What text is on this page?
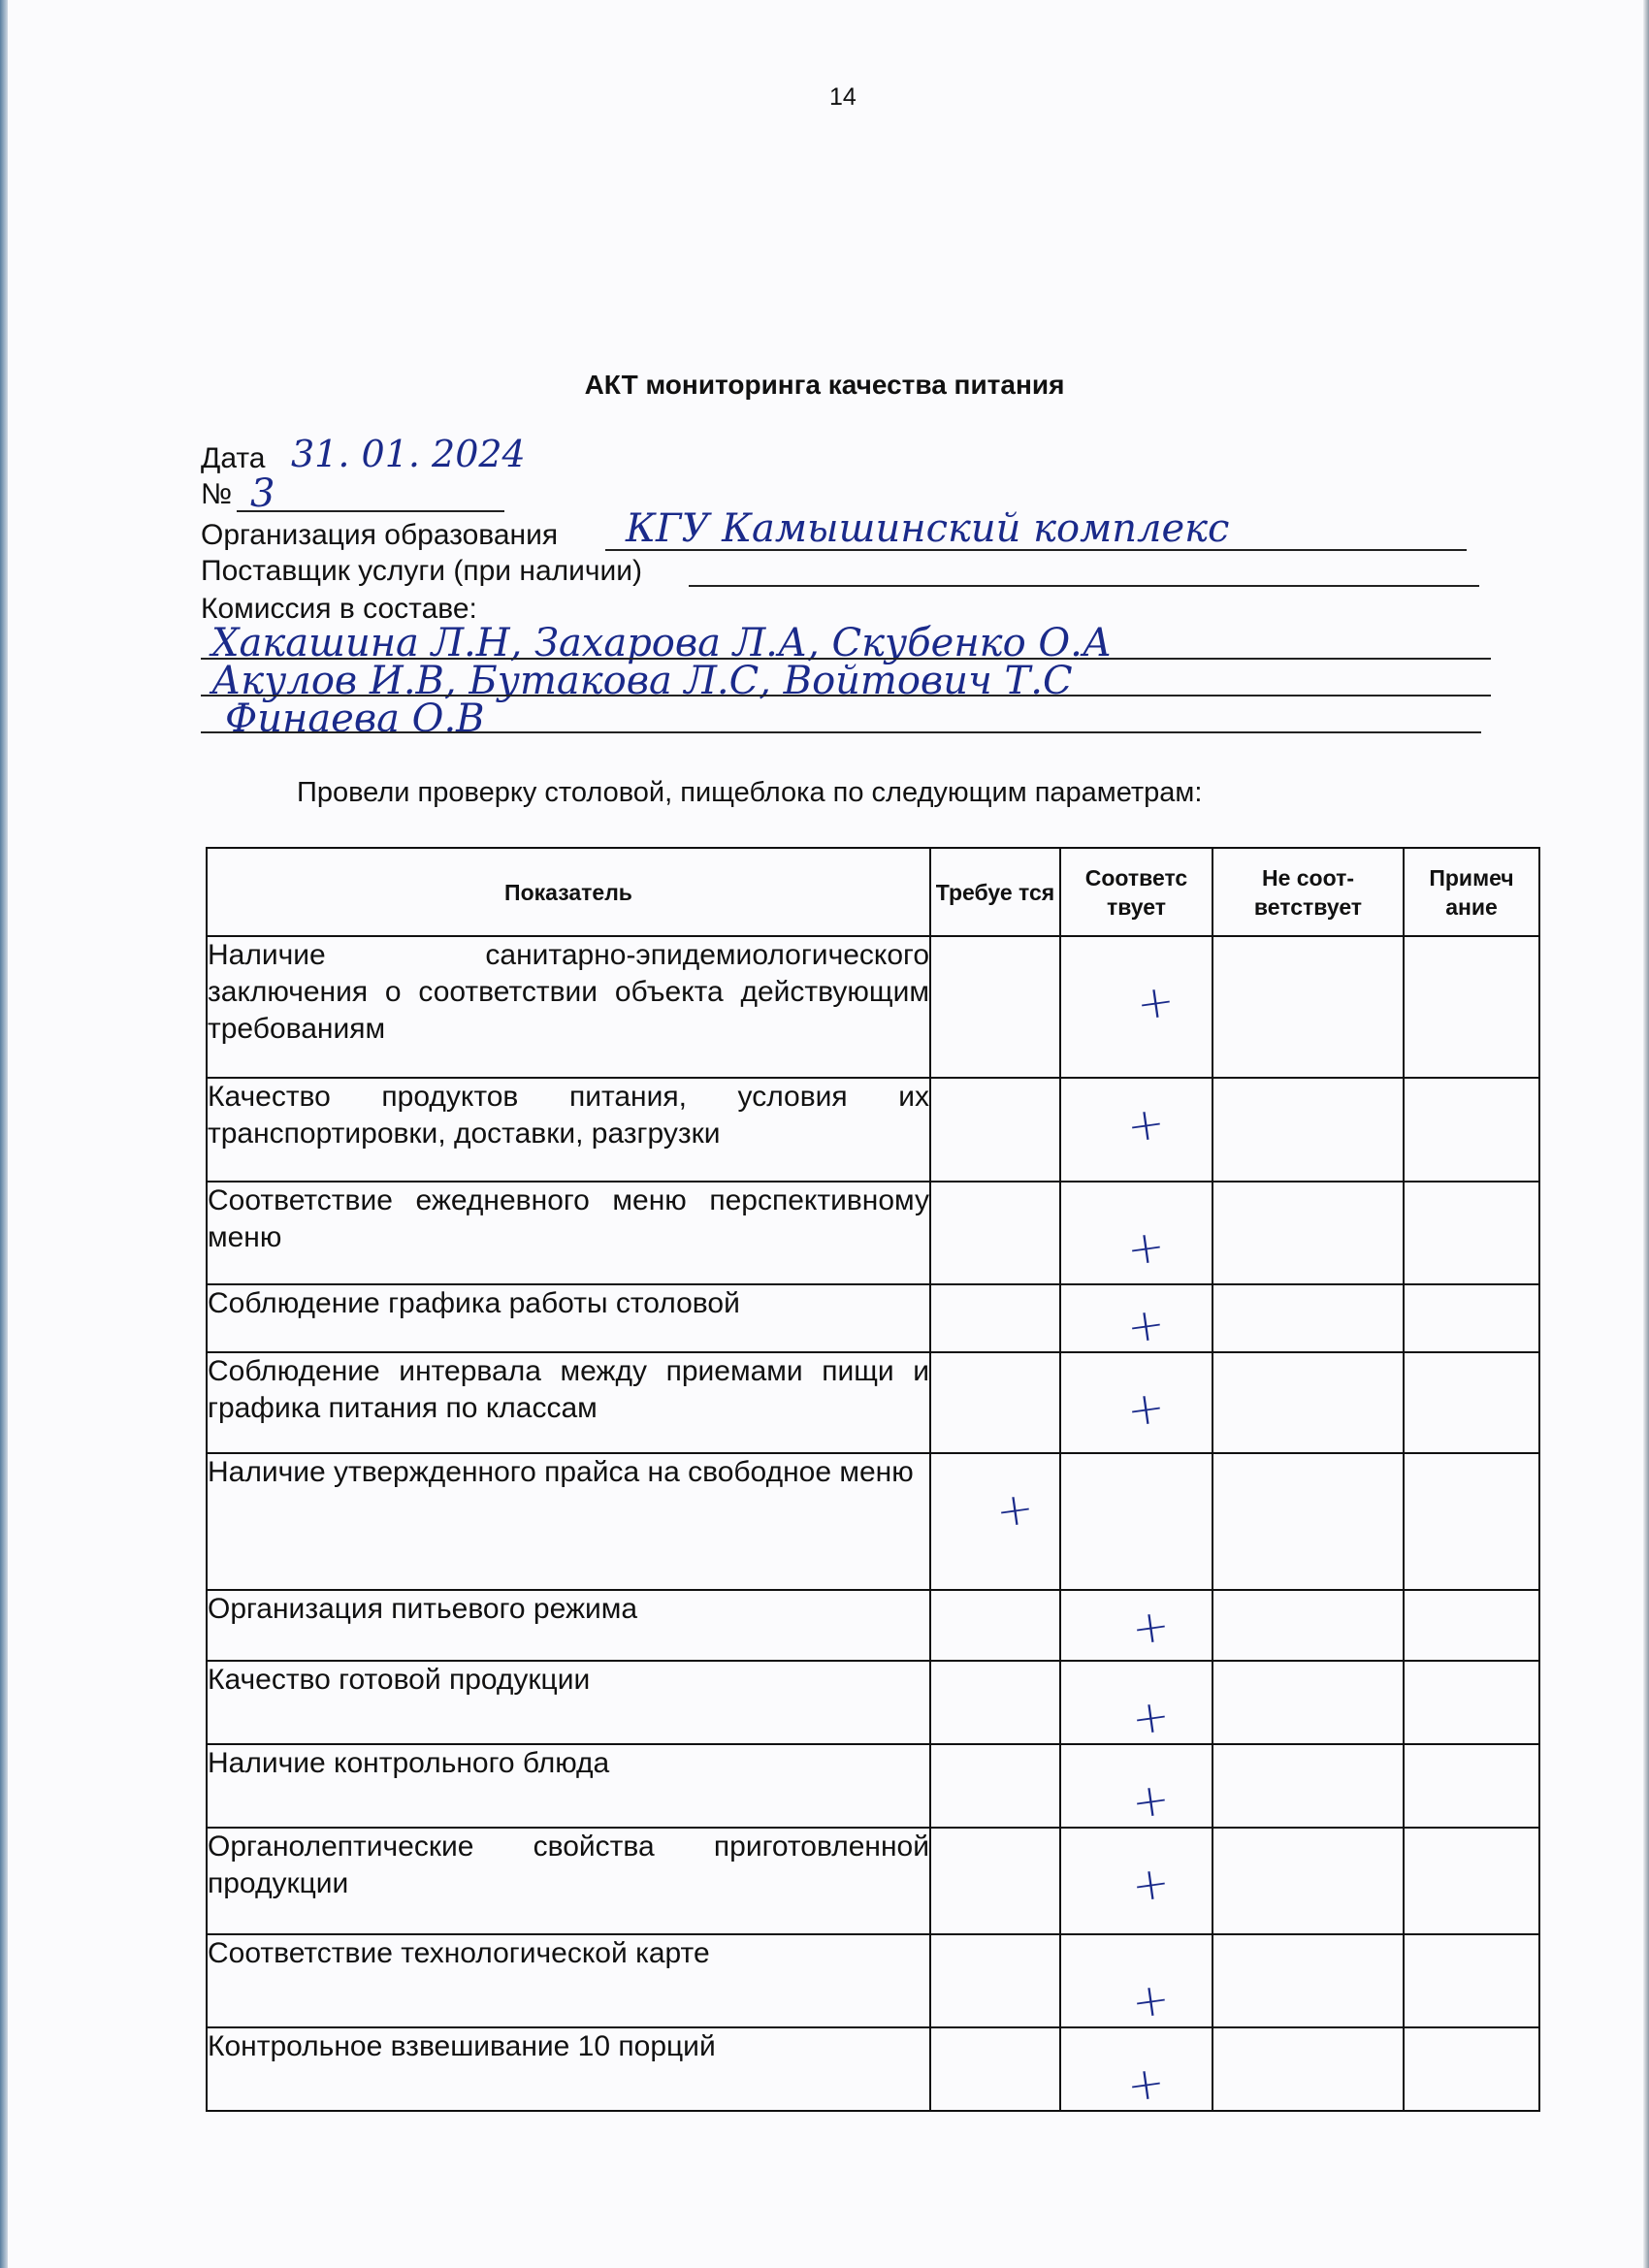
14
АКТ мониторинга качества питания
Дата 31. 01. 2024
№ 3
Организация образования КГУ Камышинский комплекс
Поставщик услуги (при наличии)
Комиссия в составе:
Хакашина Л.Н, Захарова Л.А, Скубенко О.А
Акулов И.В, Бутакова Л.С, Войтович Т.С
Финаева О.В
Провели проверку столовой, пищеблока по следующим параметрам:
Показатель	Требуе тся	Соответс твует	Не соот- ветствует	Примеч ание
Наличие санитарно-эпидемиологического заключения о соответствии объекта действующим требованиям		+		
Качество продуктов питания, условия их транспортировки, доставки, разгрузки		+		
Соответствие ежедневного меню перспективному меню		+		
Соблюдение графика работы столовой		+		
Соблюдение интервала между приемами пищи и графика питания по классам		+		
Наличие утвержденного прайса на свободное меню	+			
Организация питьевого режима		+		
Качество готовой продукции		+		
Наличие контрольного блюда		+		
Органолептические свойства приготовленной продукции		+		
Соответствие технологической карте		+		
Контрольное взвешивание 10 порций		+		
